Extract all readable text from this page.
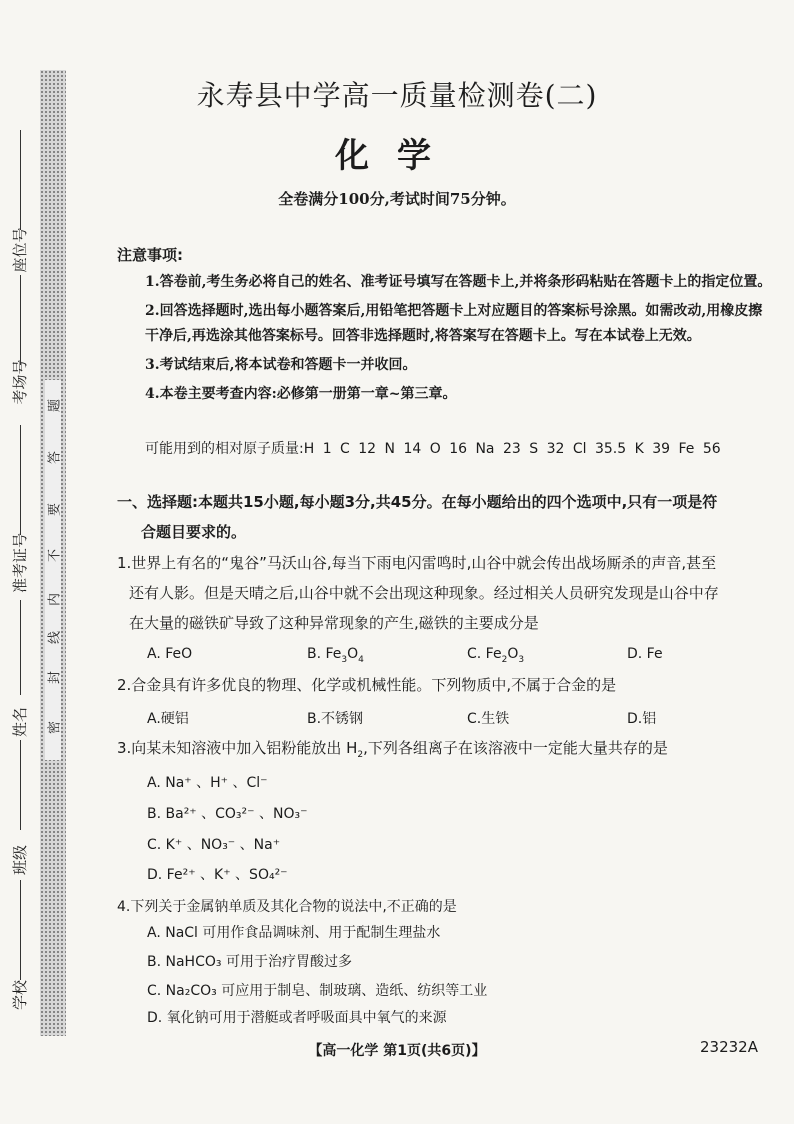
密
封
线
内
不
要
答
题
座位号
考场号
准考证号
姓名
班级
学校
永寿县中学高一质量检测卷(二)
化学
全卷满分100分,考试时间75分钟。
注意事项:

1.答卷前,考生务必将自己的姓名、准考证号填写在答题卡上,并将条形码粘贴在答题卡上的指定位置。

2.回答选择题时,选出每小题答案后,用铅笔把答题卡上对应题目的答案标号涂黑。如需改动,用橡皮擦干净后,再选涂其他答案标号。回答非选择题时,将答案写在答题卡上。写在本试卷上无效。

3.考试结束后,将本试卷和答题卡一并收回。

4.本卷主要考查内容:必修第一册第一章~第三章。

可能用到的相对原子质量:H 1 C 12 N 14 O 16 Na 23 S 32 Cl 35.5 K 39 Fe 56
一、选择题:本题共15小题,每小题3分,共45分。在每小题给出的四个选项中,只有一项是符
合题目要求的。
1.世界上有名的“鬼谷”马沃山谷,每当下雨电闪雷鸣时,山谷中就会传出战场厮杀的声音,甚至
还有人影。但是天晴之后,山谷中就不会出现这种现象。经过相关人员研究发现是山谷中存
在大量的磁铁矿导致了这种异常现象的产生,磁铁的主要成分是
A. FeO	B. $Fe_3O_4$	C. $Fe_2O_3$	D. Fe
2.合金具有许多优良的物理、化学或机械性能。下列物质中,不属于合金的是
A.硬铝	B.不锈钢	C.生铁	D.铝
3.向某未知溶液中加入铝粉能放出 $H_2$,下列各组离子在该溶液中一定能大量共存的是
A. Na⁺ 、H⁺ 、Cl⁻
B. Ba²⁺ 、CO₃²⁻ 、NO₃⁻
C. K⁺ 、NO₃⁻ 、Na⁺
D. Fe²⁺ 、K⁺ 、SO₄²⁻
4.下列关于金属钠单质及其化合物的说法中,不正确的是
A. NaCl 可用作食品调味剂、用于配制生理盐水
B. NaHCO₃ 可用于治疗胃酸过多
C. Na₂CO₃ 可应用于制皂、制玻璃、造纸、纺织等工业
D. 氧化钠可用于潜艇或者呼吸面具中氧气的来源
【高一化学 第1页(共6页)】	23232A
